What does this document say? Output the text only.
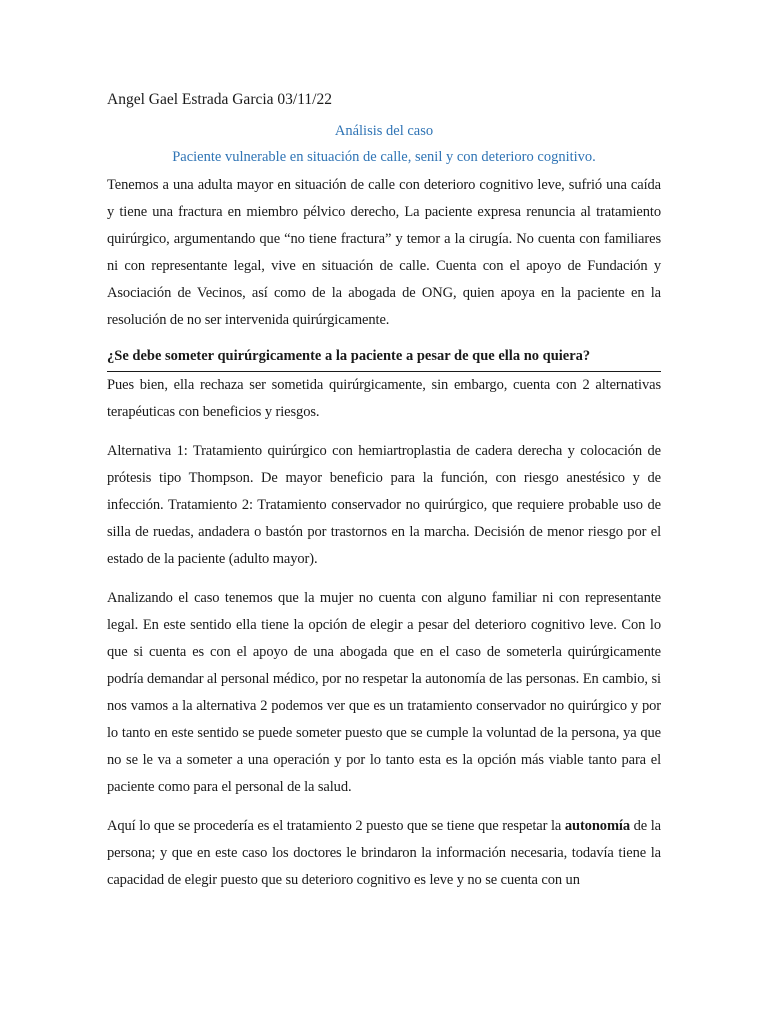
Angel Gael Estrada Garcia 03/11/22
Análisis del caso
Paciente vulnerable en situación de calle, senil y con deterioro cognitivo.

Tenemos a una adulta mayor en situación de calle con deterioro cognitivo leve, sufrió una caída y tiene una fractura en miembro pélvico derecho, La paciente expresa renuncia al tratamiento quirúrgico, argumentando que “no tiene fractura” y temor a la cirugía. No cuenta con familiares ni con representante legal, vive en situación de calle. Cuenta con el apoyo de Fundación y Asociación de Vecinos, así como de la abogada de ONG, quien apoya en la paciente en la resolución de no ser intervenida quirúrgicamente.

¿Se debe someter quirúrgicamente a la paciente a pesar de que ella no quiera?

Pues bien, ella rechaza ser sometida quirúrgicamente, sin embargo, cuenta con 2 alternativas terapéuticas con beneficios y riesgos.

Alternativa 1: Tratamiento quirúrgico con hemiartroplastia de cadera derecha y colocación de prótesis tipo Thompson. De mayor beneficio para la función, con riesgo anestésico y de infección. Tratamiento 2: Tratamiento conservador no quirúrgico, que requiere probable uso de silla de ruedas, andadera o bastón por trastornos en la marcha. Decisión de menor riesgo por el estado de la paciente (adulto mayor).

Analizando el caso tenemos que la mujer no cuenta con alguno familiar ni con representante legal. En este sentido ella tiene la opción de elegir a pesar del deterioro cognitivo leve. Con lo que si cuenta es con el apoyo de una abogada que en el caso de someterla quirúrgicamente podría demandar al personal médico, por no respetar la autonomía de las personas. En cambio, si nos vamos a la alternativa 2 podemos ver que es un tratamiento conservador no quirúrgico y por lo tanto en este sentido se puede someter puesto que se cumple la voluntad de la persona, ya que no se le va a someter a una operación y por lo tanto esta es la opción más viable tanto para el paciente como para el personal de la salud.

Aquí lo que se procedería es el tratamiento 2 puesto que se tiene que respetar la autonomía de la persona; y que en este caso los doctores le brindaron la información necesaria, todavía tiene la capacidad de elegir puesto que su deterioro cognitivo es leve y no se cuenta con un
